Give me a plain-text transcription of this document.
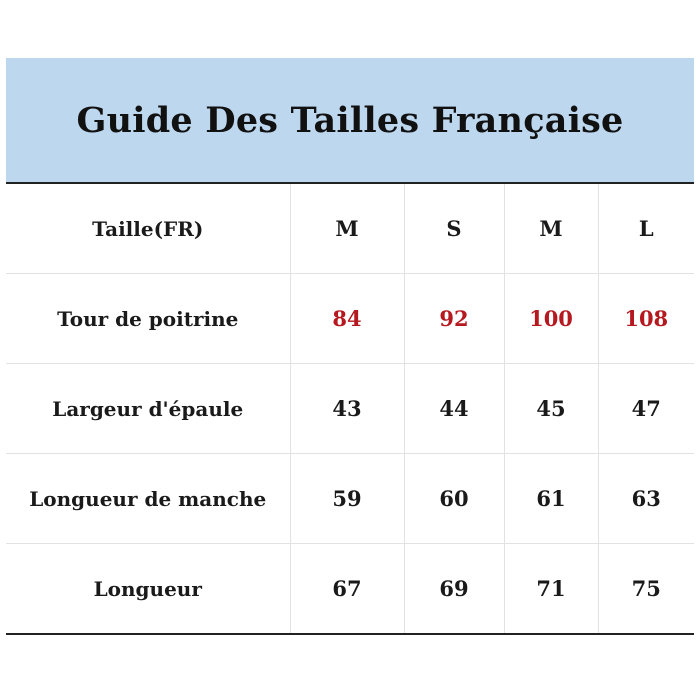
Guide Des Tailles Française
Taille(FR)	M	S	M	L
Tour de poitrine	84	92	100	108
Largeur d'épaule	43	44	45	47
Longueur de manche	59	60	61	63
Longueur	67	69	71	75
